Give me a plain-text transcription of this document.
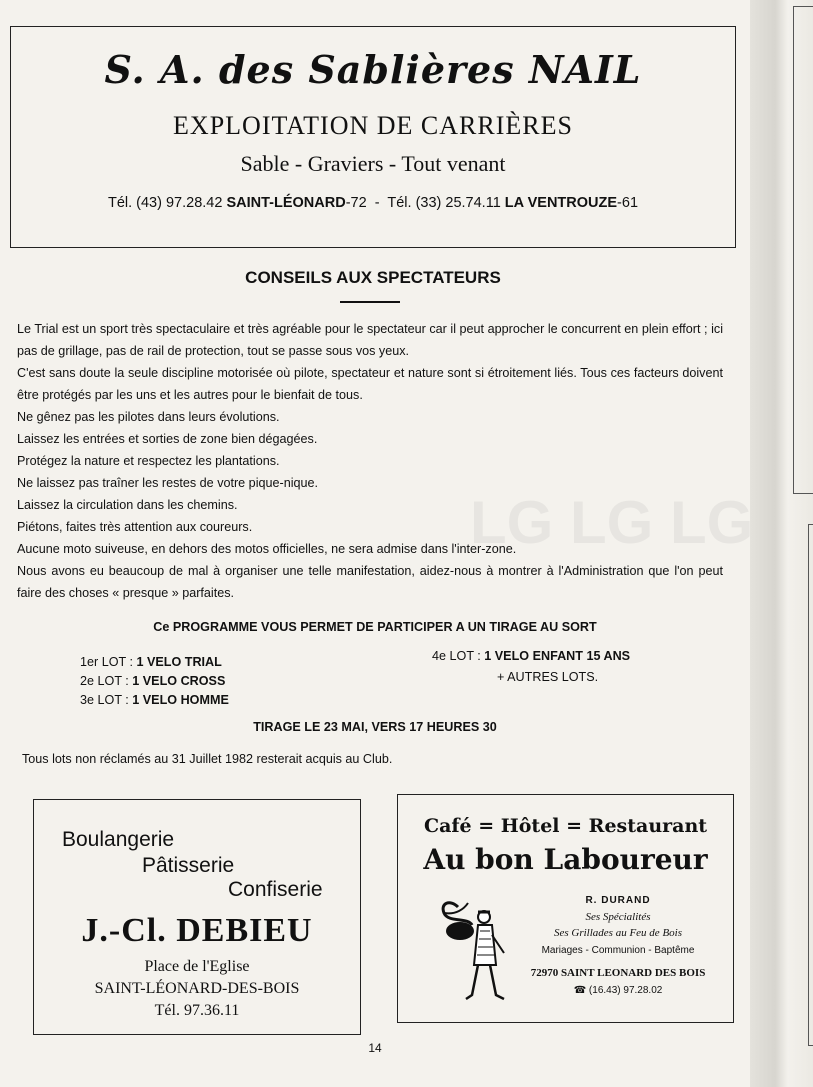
LG LG LG
S. A. des Sablières NAIL
EXPLOITATION DE CARRIÈRES
Sable - Graviers - Tout venant
Tél. (43) 97.28.42 SAINT-LÉONARD-72 - Tél. (33) 25.74.11 LA VENTROUZE-61
CONSEILS AUX SPECTATEURS

Le Trial est un sport très spectaculaire et très agréable pour le spectateur car il peut approcher le concurrent en plein effort ; ici pas de grillage, pas de rail de protection, tout se passe sous vos yeux.

C'est sans doute la seule discipline motorisée où pilote, spectateur et nature sont si étroitement liés. Tous ces facteurs doivent être protégés par les uns et les autres pour le bienfait de tous.

Ne gênez pas les pilotes dans leurs évolutions.

Laissez les entrées et sorties de zone bien dégagées.

Protégez la nature et respectez les plantations.

Ne laissez pas traîner les restes de votre pique-nique.

Laissez la circulation dans les chemins.

Piétons, faites très attention aux coureurs.

Aucune moto suiveuse, en dehors des motos officielles, ne sera admise dans l'inter-zone.

Nous avons eu beaucoup de mal à organiser une telle manifestation, aidez-nous à montrer à l'Administration que l'on peut faire des choses « presque » parfaites.

Ce PROGRAMME VOUS PERMET DE PARTICIPER A UN TIRAGE AU SORT
1er LOT : 1 VELO TRIAL
2e LOT : 1 VELO CROSS
3e LOT : 1 VELO HOMME
4e LOT : 1 VELO ENFANT 15 ANS
+ AUTRES LOTS.
TIRAGE LE 23 MAI, VERS 17 HEURES 30
Tous lots non réclamés au 31 Juillet 1982 resterait acquis au Club.
Boulangerie
Pâtisserie
Confiserie
J.-Cl. DEBIEU
Place de l'Eglise
SAINT-LÉONARD-DES-BOIS
Tél. 97.36.11
Café = Hôtel = Restaurant
Au bon Laboureur
R. DURAND
Ses Spécialités
Ses Grillades au Feu de Bois
Mariages - Communion - Baptême
72970 SAINT LEONARD DES BOIS
☎ (16.43) 97.28.02
14
